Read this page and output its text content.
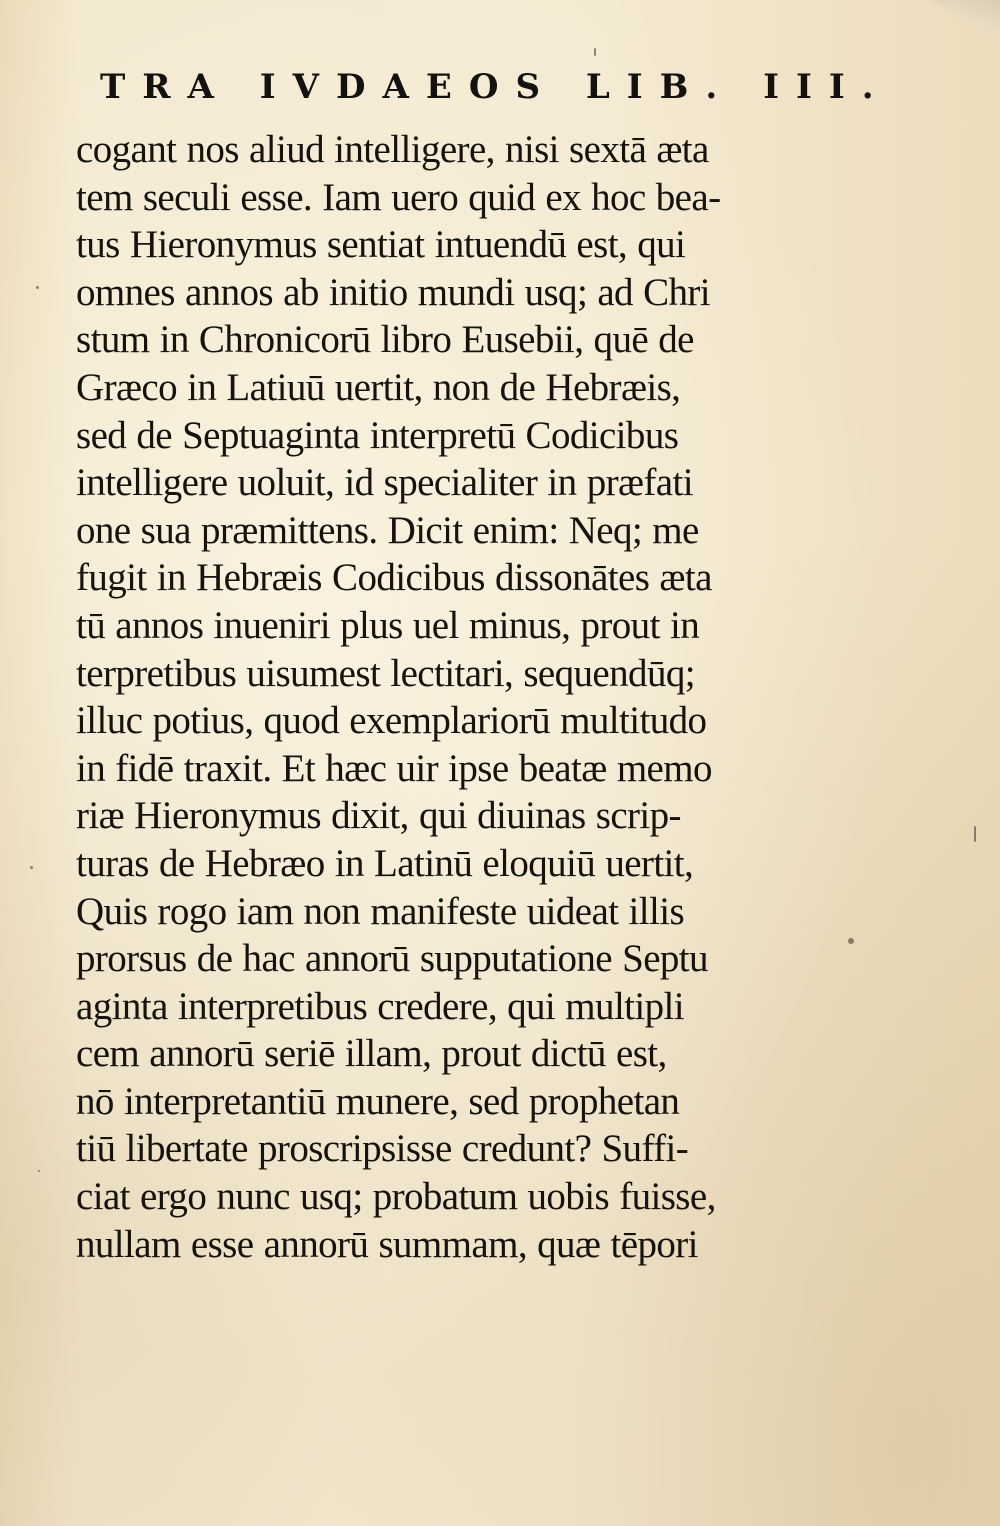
TRA IVDAEOS LIB. III.
cogant nos aliud intelligere, nisi sextā æta
tem seculi esse. Iam uero quid ex hoc bea-
tus Hieronymus sentiat intuendū est, qui
omnes annos ab initio mundi usq; ad Chri
stum in Chronicorū libro Eusebii, quē de
Græco in Latiuū uertit, non de Hebræis,
sed de Septuaginta interpretū Codicibus
intelligere uoluit, id specialiter in præfati
one sua præmittens. Dicit enim: Neq; me
fugit in Hebræis Codicibus dissonātes æta
tū annos inueniri plus uel minus, prout in
terpretibus uisumest lectitari, sequendūq;
illuc potius, quod exemplariorū multitudo
in fidē traxit. Et hæc uir ipse beatæ memo
riæ Hieronymus dixit, qui diuinas scrip-
turas de Hebræo in Latinū eloquiū uertit,
Quis rogo iam non manifeste uideat illis
prorsus de hac annorū supputatione Septu
aginta interpretibus credere, qui multipli
cem annorū seriē illam, prout dictū est,
nō interpretantiū munere, sed prophetan
tiū libertate proscripsisse credunt? Suffi-
ciat ergo nunc usq; probatum uobis fuisse,
nullam esse annorū summam, quæ tēpori
